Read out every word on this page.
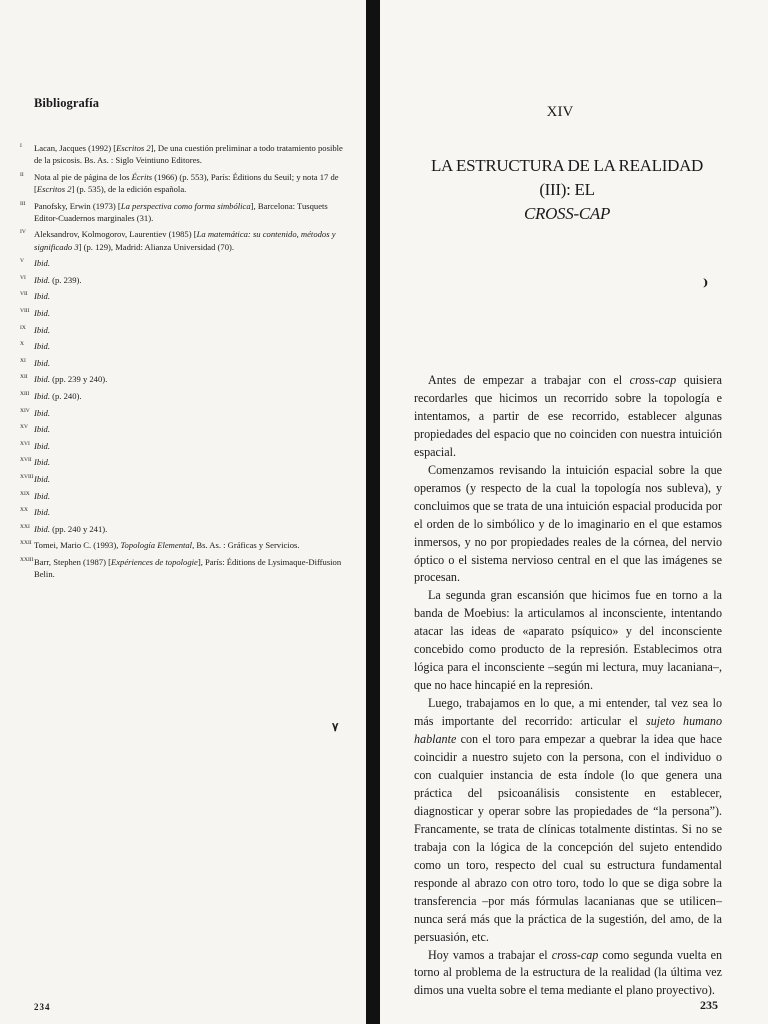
Bibliografía
I	Lacan, Jacques (1992) [Escritos 2], De una cuestión preliminar a todo tratamiento posible de la psicosis. Bs. As. : Siglo Veintiuno Editores.
II	Nota al pie de página de los Écrits (1966) (p. 553), París: Éditions du Seuil; y nota 17 de [Escritos 2] (p. 535), de la edición española.
III Panofsky, Erwin (1973) [La perspectiva como forma simbólica], Barcelona: Tusquets Editor-Cuadernos marginales (31).
IV Aleksandrov, Kolmogorov, Laurentiev (1985) [La matemática: su contenido, métodos y significado 3] (p. 129), Madrid: Alianza Universidad (70).
V	Ibid.
VI Ibid. (p. 239).
VII Ibid.
VIII Ibid.
IX Ibid.
X	Ibid.
XI Ibid.
XII Ibid. (pp. 239 y 240).
XIII Ibid. (p. 240).
XIV Ibid.
XV Ibid.
XVI Ibid.
XVII Ibid.
XVIII Ibid.
XIX Ibid.
XX Ibid.
XXI Ibid. (pp. 240 y 241).
XXII Tomei, Mario C. (1993), Topología Elemental, Bs. As. : Gráficas y Servicios.
XXIII Barr, Stephen (1987) [Expériences de topologie], París: Éditions de Lysimaque-Diffusion Belin.
٧
234
XIV
LA ESTRUCTURA DE LA REALIDAD (III): EL
CROSS-CAP
⁾

Antes de empezar a trabajar con el cross-cap quisiera recordarles que hicimos un recorrido sobre la topología e intentamos, a partir de ese recorrido, establecer algunas propiedades del espacio que no coinciden con nuestra intuición espacial.

Comenzamos revisando la intuición espacial sobre la que operamos (y respecto de la cual la topología nos subleva), y concluimos que se trata de una intuición espacial producida por el orden de lo simbólico y de lo imaginario en el que estamos inmersos, y no por propiedades reales de la córnea, del nervio óptico o el sistema nervioso central en el que las imágenes se procesan.

La segunda gran escansión que hicimos fue en torno a la banda de Moebius: la articulamos al inconsciente, intentando atacar las ideas de «aparato psíquico» y del inconsciente concebido como producto de la represión. Establecimos otra lógica para el inconsciente –según mi lectura, muy lacaniana–, que no hace hincapié en la represión.

Luego, trabajamos en lo que, a mi entender, tal vez sea lo más importante del recorrido: articular el sujeto humano hablante con el toro para empezar a quebrar la idea que hace coincidir a nuestro sujeto con la persona, con el individuo o con cualquier instancia de esta índole (lo que genera una práctica del psicoanálisis consistente en establecer, diagnosticar y operar sobre las propiedades de “la persona”). Francamente, se trata de clínicas totalmente distintas. Si no se trabaja con la lógica de la concepción del sujeto entendido como un toro, respecto del cual su estructura fundamental responde al abrazo con otro toro, todo lo que se diga sobre la transferencia –por más fórmulas lacanianas que se utilicen– nunca será más que la práctica de la sugestión, del amo, de la persuasión, etc.

Hoy vamos a trabajar el cross-cap como segunda vuelta en torno al problema de la estructura de la realidad (la última vez dimos una vuelta sobre el tema mediante el plano proyectivo).

235
